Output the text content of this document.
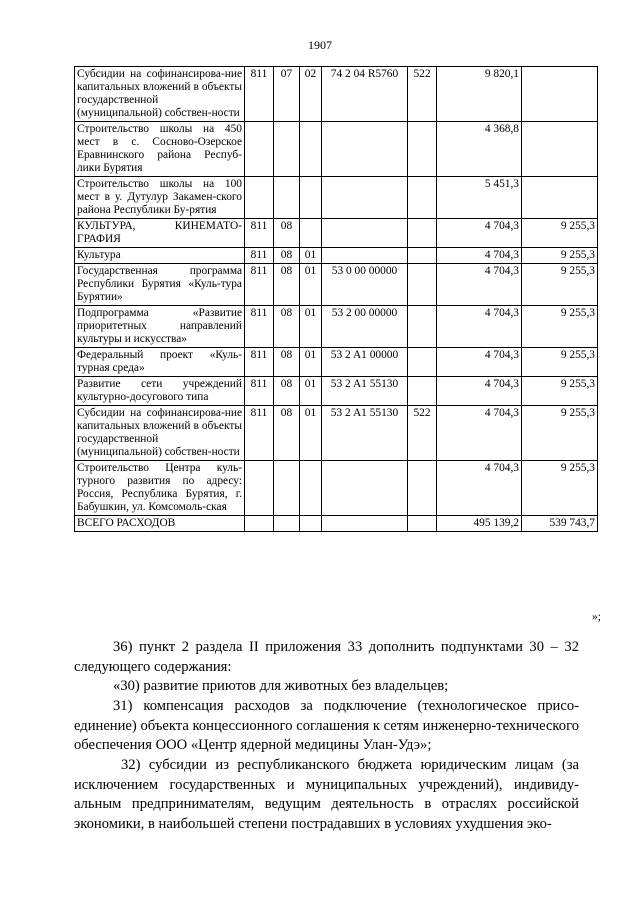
1907
Субсидии на софинансирова-ние капитальных вложений в объекты государственной (муниципальной) собствен-ности	811	07	02	74 2 04 R5760	522	9 820,1	
Строительство школы на 450 мест в с. Сосново-Озерское Еравнинского района Респуб-лики Бурятия						4 368,8	
Строительство школы на 100 мест в у. Дутулур Закамен-ского района Республики Бу-рятия						5 451,3	
КУЛЬТУРА, КИНЕМАТО-ГРАФИЯ	811	08				4 704,3	9 255,3
Культура	811	08	01			4 704,3	9 255,3
Государственная программа Республики Бурятия «Куль-тура Бурятии»	811	08	01	53 0 00 00000		4 704,3	9 255,3
Подпрограмма «Развитие приоритетных направлений культуры и искусства»	811	08	01	53 2 00 00000		4 704,3	9 255,3
Федеральный проект «Куль-турная среда»	811	08	01	53 2 A1 00000		4 704,3	9 255,3
Развитие сети учреждений культурно-досугового типа	811	08	01	53 2 A1 55130		4 704,3	9 255,3
Субсидии на софинансирова-ние капитальных вложений в объекты государственной (муниципальной) собствен-ности	811	08	01	53 2 A1 55130	522	4 704,3	9 255,3
Строительство Центра куль-турного развития по адресу: Россия, Республика Бурятия, г. Бабушкин, ул. Комсомоль-ская						4 704,3	9 255,3
ВСЕГО РАСХОДОВ						495 139,2	539 743,7
»;
36) пункт 2 раздела II приложения 33 дополнить подпунктами 30 – 32 следующего содержания:
«30) развитие приютов для животных без владельцев;
31) компенсация расходов за подключение (технологическое присо-единение) объекта концессионного соглашения к сетям инженерно-технического обеспечения ООО «Центр ядерной медицины Улан-Удэ»;
32) субсидии из республиканского бюджета юридическим лицам (за исключением государственных и муниципальных учреждений), индивиду-альным предпринимателям, ведущим деятельность в отраслях российской экономики, в наибольшей степени пострадавших в условиях ухудшения эко-
